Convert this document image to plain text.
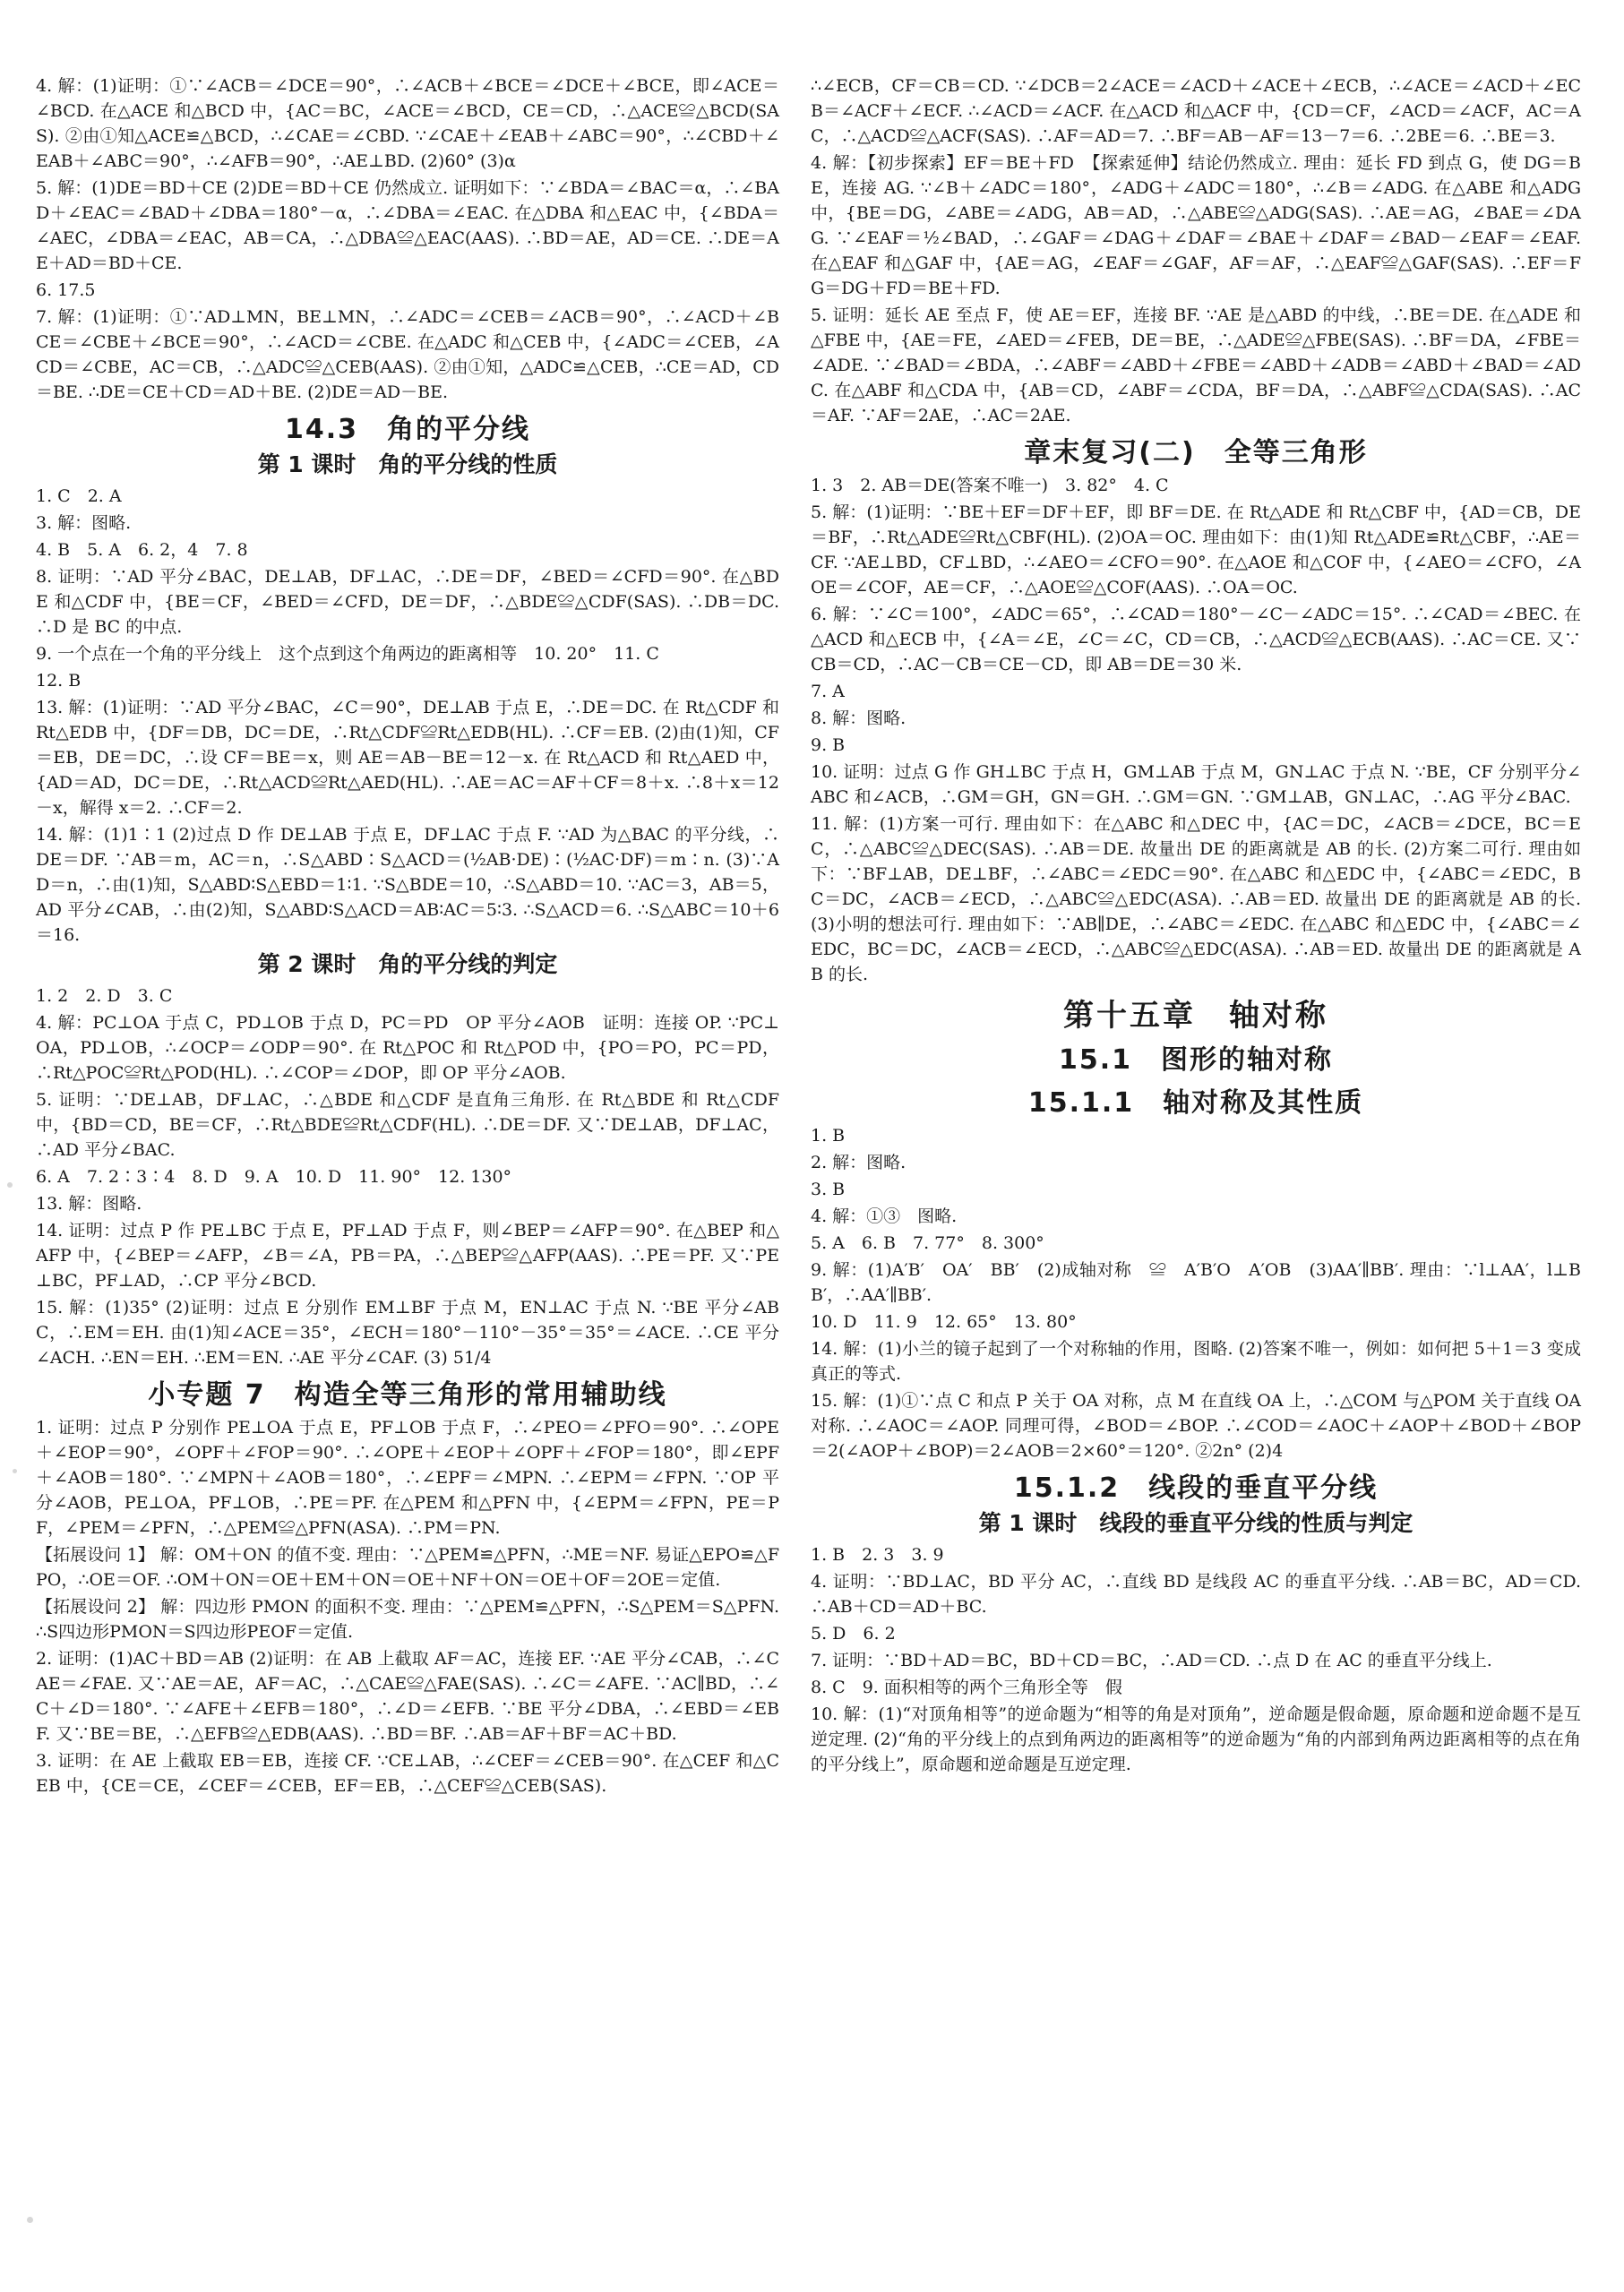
4. 解：(1)证明：①∵∠ACB＝∠DCE＝90°，∴∠ACB＋∠BCE＝∠DCE＋∠BCE，即∠ACE＝∠BCD. 在△ACE 和△BCD 中，{AC＝BC，∠ACE＝∠BCD，CE＝CD，∴△ACE≌△BCD(SAS). ②由①知△ACE≌△BCD，∴∠CAE＝∠CBD. ∵∠CAE＋∠EAB＋∠ABC＝90°，∴∠CBD＋∠EAB＋∠ABC＝90°，∴∠AFB＝90°，∴AE⊥BD. (2)60° (3)α
5. 解：(1)DE＝BD＋CE (2)DE＝BD＋CE 仍然成立. 证明如下：∵∠BDA＝∠BAC＝α，∴∠BAD＋∠EAC＝∠BAD＋∠DBA＝180°－α，∴∠DBA＝∠EAC. 在△DBA 和△EAC 中，{∠BDA＝∠AEC，∠DBA＝∠EAC，AB＝CA，∴△DBA≌△EAC(AAS). ∴BD＝AE，AD＝CE. ∴DE＝AE＋AD＝BD＋CE.
6. 17.5
7. 解：(1)证明：①∵AD⊥MN，BE⊥MN，∴∠ADC＝∠CEB＝∠ACB＝90°，∴∠ACD＋∠BCE＝∠CBE＋∠BCE＝90°，∴∠ACD＝∠CBE. 在△ADC 和△CEB 中，{∠ADC＝∠CEB，∠ACD＝∠CBE，AC＝CB，∴△ADC≌△CEB(AAS). ②由①知，△ADC≌△CEB，∴CE＝AD，CD＝BE. ∴DE＝CE＋CD＝AD＋BE. (2)DE＝AD－BE.
14.3　角的平分线
第 1 课时　角的平分线的性质
1. C　2. A
3. 解：图略.
4. B　5. A　6. 2，4　7. 8
8. 证明：∵AD 平分∠BAC，DE⊥AB，DF⊥AC，∴DE＝DF，∠BED＝∠CFD＝90°. 在△BDE 和△CDF 中，{BE＝CF，∠BED＝∠CFD，DE＝DF，∴△BDE≌△CDF(SAS). ∴DB＝DC. ∴D 是 BC 的中点.
9. 一个点在一个角的平分线上　这个点到这个角两边的距离相等　10. 20°　11. C
12. B
13. 解：(1)证明：∵AD 平分∠BAC，∠C＝90°，DE⊥AB 于点 E，∴DE＝DC. 在 Rt△CDF 和 Rt△EDB 中，{DF＝DB，DC＝DE，∴Rt△CDF≌Rt△EDB(HL). ∴CF＝EB. (2)由(1)知，CF＝EB，DE＝DC，∴设 CF＝BE＝x，则 AE＝AB－BE＝12－x. 在 Rt△ACD 和 Rt△AED 中，{AD＝AD，DC＝DE，∴Rt△ACD≌Rt△AED(HL). ∴AE＝AC＝AF＋CF＝8＋x. ∴8＋x＝12－x，解得 x＝2. ∴CF＝2.
14. 解：(1)1∶1 (2)过点 D 作 DE⊥AB 于点 E，DF⊥AC 于点 F. ∵AD 为△BAC 的平分线，∴DE＝DF. ∵AB＝m，AC＝n，∴S△ABD∶S△ACD＝(½AB·DE)∶(½AC·DF)＝m∶n. (3)∵AD＝n，∴由(1)知，S△ABD∶S△EBD＝1∶1. ∵S△BDE＝10，∴S△ABD＝10. ∵AC＝3，AB＝5，AD 平分∠CAB，∴由(2)知，S△ABD∶S△ACD＝AB∶AC＝5∶3. ∴S△ACD＝6. ∴S△ABC＝10＋6＝16.
第 2 课时　角的平分线的判定
1. 2　2. D　3. C
4. 解：PC⊥OA 于点 C，PD⊥OB 于点 D，PC＝PD　OP 平分∠AOB　证明：连接 OP. ∵PC⊥OA，PD⊥OB，∴∠OCP＝∠ODP＝90°. 在 Rt△POC 和 Rt△POD 中，{PO＝PO，PC＝PD，∴Rt△POC≌Rt△POD(HL). ∴∠COP＝∠DOP，即 OP 平分∠AOB.
5. 证明：∵DE⊥AB，DF⊥AC，∴△BDE 和△CDF 是直角三角形. 在 Rt△BDE 和 Rt△CDF 中，{BD＝CD，BE＝CF，∴Rt△BDE≌Rt△CDF(HL). ∴DE＝DF. 又∵DE⊥AB，DF⊥AC，∴AD 平分∠BAC.
6. A　7. 2∶3∶4　8. D　9. A　10. D　11. 90°　12. 130°
13. 解：图略.
14. 证明：过点 P 作 PE⊥BC 于点 E，PF⊥AD 于点 F，则∠BEP＝∠AFP＝90°. 在△BEP 和△AFP 中，{∠BEP＝∠AFP，∠B＝∠A，PB＝PA，∴△BEP≌△AFP(AAS). ∴PE＝PF. 又∵PE⊥BC，PF⊥AD，∴CP 平分∠BCD.
15. 解：(1)35° (2)证明：过点 E 分别作 EM⊥BF 于点 M，EN⊥AC 于点 N. ∵BE 平分∠ABC，∴EM＝EH. 由(1)知∠ACE＝35°，∠ECH＝180°－110°－35°＝35°＝∠ACE. ∴CE 平分∠ACH. ∴EN＝EH. ∴EM＝EN. ∴AE 平分∠CAF. (3) 51/4
小专题 7　构造全等三角形的常用辅助线
1. 证明：过点 P 分别作 PE⊥OA 于点 E，PF⊥OB 于点 F，∴∠PEO＝∠PFO＝90°. ∴∠OPE＋∠EOP＝90°，∠OPF＋∠FOP＝90°. ∴∠OPE＋∠EOP＋∠OPF＋∠FOP＝180°，即∠EPF＋∠AOB＝180°. ∵∠MPN＋∠AOB＝180°，∴∠EPF＝∠MPN. ∴∠EPM＝∠FPN. ∵OP 平分∠AOB，PE⊥OA，PF⊥OB，∴PE＝PF. 在△PEM 和△PFN 中，{∠EPM＝∠FPN，PE＝PF，∠PEM＝∠PFN，∴△PEM≌△PFN(ASA). ∴PM＝PN.
【拓展设问 1】 解：OM＋ON 的值不变. 理由：∵△PEM≌△PFN，∴ME＝NF. 易证△EPO≌△FPO，∴OE＝OF. ∴OM＋ON＝OE＋EM＋ON＝OE＋NF＋ON＝OE＋OF＝2OE＝定值.
【拓展设问 2】 解：四边形 PMON 的面积不变. 理由：∵△PEM≌△PFN，∴S△PEM＝S△PFN. ∴S四边形PMON＝S四边形PEOF＝定值.
2. 证明：(1)AC＋BD＝AB (2)证明：在 AB 上截取 AF＝AC，连接 EF. ∵AE 平分∠CAB，∴∠CAE＝∠FAE. 又∵AE＝AE，AF＝AC，∴△CAE≌△FAE(SAS). ∴∠C＝∠AFE. ∵AC∥BD，∴∠C＋∠D＝180°. ∵∠AFE＋∠EFB＝180°，∴∠D＝∠EFB. ∵BE 平分∠DBA，∴∠EBD＝∠EBF. 又∵BE＝BE，∴△EFB≌△EDB(AAS). ∴BD＝BF. ∴AB＝AF＋BF＝AC＋BD.
3. 证明：在 AE 上截取 EB＝EB，连接 CF. ∵CE⊥AB，∴∠CEF＝∠CEB＝90°. 在△CEF 和△CEB 中，{CE＝CE，∠CEF＝∠CEB，EF＝EB，∴△CEF≌△CEB(SAS).
∴∠ECB，CF＝CB＝CD. ∵∠DCB＝2∠ACE＝∠ACD＋∠ACE＋∠ECB，∴∠ACE＝∠ACD＋∠ECB＝∠ACF＋∠ECF. ∴∠ACD＝∠ACF. 在△ACD 和△ACF 中，{CD＝CF，∠ACD＝∠ACF，AC＝AC，∴△ACD≌△ACF(SAS). ∴AF＝AD＝7. ∴BF＝AB－AF＝13－7＝6. ∴2BE＝6. ∴BE＝3.
4. 解：【初步探索】EF＝BE＋FD　【探索延伸】结论仍然成立. 理由：延长 FD 到点 G，使 DG＝BE，连接 AG. ∵∠B＋∠ADC＝180°，∠ADG＋∠ADC＝180°，∴∠B＝∠ADG. 在△ABE 和△ADG 中，{BE＝DG，∠ABE＝∠ADG，AB＝AD，∴△ABE≌△ADG(SAS). ∴AE＝AG，∠BAE＝∠DAG. ∵∠EAF＝½∠BAD，∴∠GAF＝∠DAG＋∠DAF＝∠BAE＋∠DAF＝∠BAD－∠EAF＝∠EAF. 在△EAF 和△GAF 中，{AE＝AG，∠EAF＝∠GAF，AF＝AF，∴△EAF≌△GAF(SAS). ∴EF＝FG＝DG＋FD＝BE＋FD.
5. 证明：延长 AE 至点 F，使 AE＝EF，连接 BF. ∵AE 是△ABD 的中线，∴BE＝DE. 在△ADE 和△FBE 中，{AE＝FE，∠AED＝∠FEB，DE＝BE，∴△ADE≌△FBE(SAS). ∴BF＝DA，∠FBE＝∠ADE. ∵∠BAD＝∠BDA，∴∠ABF＝∠ABD＋∠FBE＝∠ABD＋∠ADB＝∠ABD＋∠BAD＝∠ADC. 在△ABF 和△CDA 中，{AB＝CD，∠ABF＝∠CDA，BF＝DA，∴△ABF≌△CDA(SAS). ∴AC＝AF. ∵AF＝2AE，∴AC＝2AE.
章末复习(二)　全等三角形
1. 3　2. AB＝DE(答案不唯一)　3. 82°　4. C
5. 解：(1)证明：∵BE＋EF＝DF＋EF，即 BF＝DE. 在 Rt△ADE 和 Rt△CBF 中，{AD＝CB，DE＝BF，∴Rt△ADE≌Rt△CBF(HL). (2)OA＝OC. 理由如下：由(1)知 Rt△ADE≌Rt△CBF，∴AE＝CF. ∵AE⊥BD，CF⊥BD，∴∠AEO＝∠CFO＝90°. 在△AOE 和△COF 中，{∠AEO＝∠CFO，∠AOE＝∠COF，AE＝CF，∴△AOE≌△COF(AAS). ∴OA＝OC.
6. 解：∵∠C＝100°，∠ADC＝65°，∴∠CAD＝180°－∠C－∠ADC＝15°. ∴∠CAD＝∠BEC. 在△ACD 和△ECB 中，{∠A＝∠E，∠C＝∠C，CD＝CB，∴△ACD≌△ECB(AAS). ∴AC＝CE. 又∵CB＝CD，∴AC－CB＝CE－CD，即 AB＝DE＝30 米.
7. A
8. 解：图略.
9. B
10. 证明：过点 G 作 GH⊥BC 于点 H，GM⊥AB 于点 M，GN⊥AC 于点 N. ∵BE，CF 分别平分∠ABC 和∠ACB，∴GM＝GH，GN＝GH. ∴GM＝GN. ∵GM⊥AB，GN⊥AC，∴AG 平分∠BAC.
11. 解：(1)方案一可行. 理由如下：在△ABC 和△DEC 中，{AC＝DC，∠ACB＝∠DCE，BC＝EC，∴△ABC≌△DEC(SAS). ∴AB＝DE. 故量出 DE 的距离就是 AB 的长. (2)方案二可行. 理由如下：∵BF⊥AB，DE⊥BF，∴∠ABC＝∠EDC＝90°. 在△ABC 和△EDC 中，{∠ABC＝∠EDC，BC＝DC，∠ACB＝∠ECD，∴△ABC≌△EDC(ASA). ∴AB＝ED. 故量出 DE 的距离就是 AB 的长. (3)小明的想法可行. 理由如下：∵AB∥DE，∴∠ABC＝∠EDC. 在△ABC 和△EDC 中，{∠ABC＝∠EDC，BC＝DC，∠ACB＝∠ECD，∴△ABC≌△EDC(ASA). ∴AB＝ED. 故量出 DE 的距离就是 AB 的长.
第十五章　轴对称
15.1　图形的轴对称
15.1.1　轴对称及其性质
1. B
2. 解：图略.
3. B
4. 解：①③　图略.
5. A　6. B　7. 77°　8. 300°
9. 解：(1)A′B′　OA′　BB′　(2)成轴对称　≌　A′B′O　A′OB　(3)AA′∥BB′. 理由：∵l⊥AA′，l⊥BB′，∴AA′∥BB′.
10. D　11. 9　12. 65°　13. 80°
14. 解：(1)小兰的镜子起到了一个对称轴的作用，图略. (2)答案不唯一，例如：如何把 5＋1＝3 变成真正的等式.
15. 解：(1)①∵点 C 和点 P 关于 OA 对称，点 M 在直线 OA 上，∴△COM 与△POM 关于直线 OA 对称. ∴∠AOC＝∠AOP. 同理可得，∠BOD＝∠BOP. ∴∠COD＝∠AOC＋∠AOP＋∠BOD＋∠BOP＝2(∠AOP＋∠BOP)＝2∠AOB＝2×60°＝120°. ②2n° (2)4
15.1.2　线段的垂直平分线
第 1 课时　线段的垂直平分线的性质与判定
1. B　2. 3　3. 9
4. 证明：∵BD⊥AC，BD 平分 AC，∴直线 BD 是线段 AC 的垂直平分线. ∴AB＝BC，AD＝CD. ∴AB＋CD＝AD＋BC.
5. D　6. 2
7. 证明：∵BD＋AD＝BC，BD＋CD＝BC，∴AD＝CD. ∴点 D 在 AC 的垂直平分线上.
8. C　9. 面积相等的两个三角形全等　假
10. 解：(1)“对顶角相等”的逆命题为“相等的角是对顶角”，逆命题是假命题，原命题和逆命题不是互逆定理. (2)“角的平分线上的点到角两边的距离相等”的逆命题为“角的内部到角两边距离相等的点在角的平分线上”，原命题和逆命题是互逆定理.
